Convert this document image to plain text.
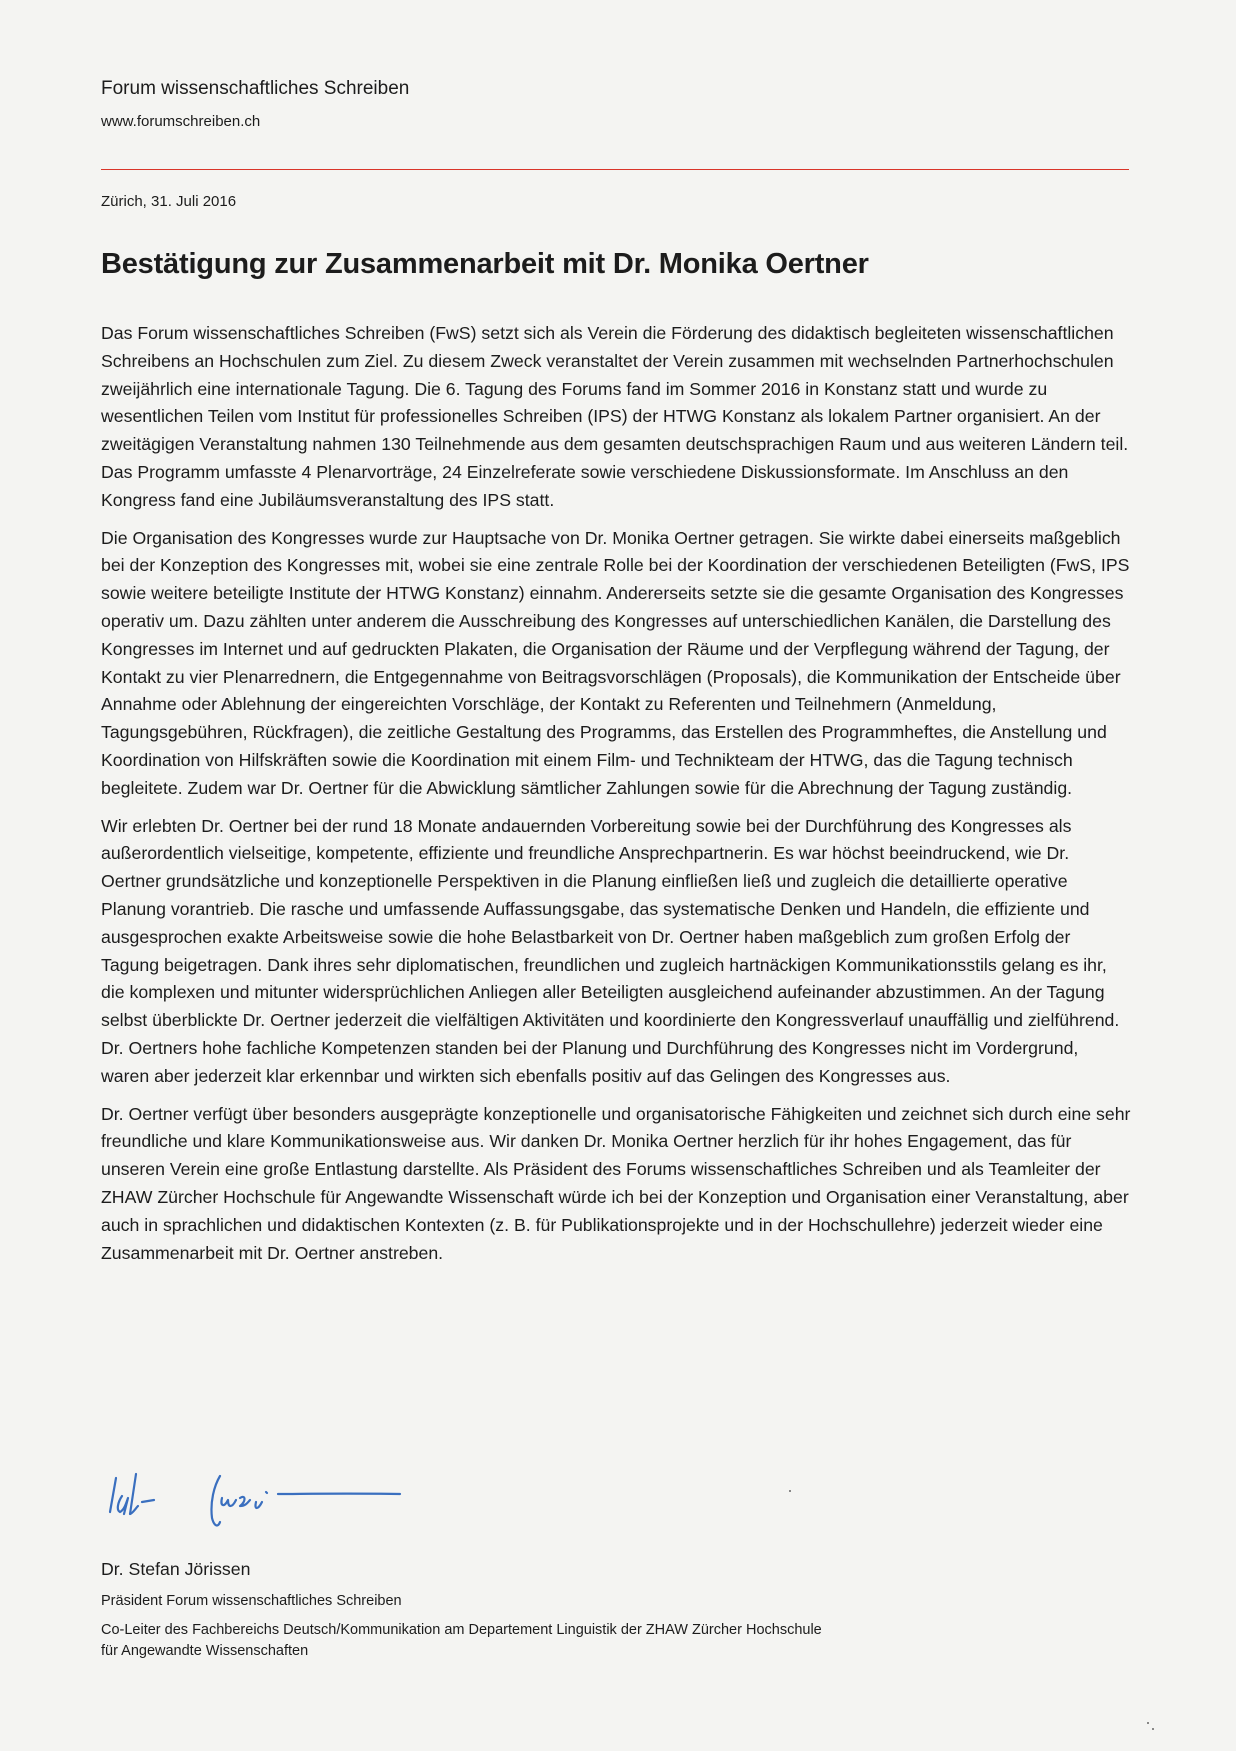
Forum wissenschaftliches Schreiben
www.forumschreiben.ch
Zürich, 31. Juli 2016
Bestätigung zur Zusammenarbeit mit Dr. Monika Oertner

Das Forum wissenschaftliches Schreiben (FwS) setzt sich als Verein die Förderung des didaktisch begleiteten wissenschaftlichen Schreibens an Hochschulen zum Ziel. Zu diesem Zweck veranstaltet der Verein zusammen mit wechselnden Partnerhochschulen zweijährlich eine internationale Tagung. Die 6. Tagung des Forums fand im Sommer 2016 in Konstanz statt und wurde zu wesentlichen Teilen vom Institut für professionelles Schreiben (IPS) der HTWG Konstanz als lokalem Partner organisiert. An der zweitägigen Veranstaltung nahmen 130 Teilnehmende aus dem gesamten deutschsprachigen Raum und aus weiteren Ländern teil. Das Programm umfasste 4 Plenarvorträge, 24 Einzelreferate sowie verschiedene Diskussionsformate. Im Anschluss an den Kongress fand eine Jubiläumsveranstaltung des IPS statt.

Die Organisation des Kongresses wurde zur Hauptsache von Dr. Monika Oertner getragen. Sie wirkte dabei einerseits maßgeblich bei der Konzeption des Kongresses mit, wobei sie eine zentrale Rolle bei der Koordination der verschiedenen Beteiligten (FwS, IPS sowie weitere beteiligte Institute der HTWG Konstanz) einnahm. Andererseits setzte sie die gesamte Organisation des Kongresses operativ um. Dazu zählten unter anderem die Ausschreibung des Kongresses auf unterschiedlichen Kanälen, die Darstellung des Kongresses im Internet und auf gedruckten Plakaten, die Organisation der Räume und der Verpflegung während der Tagung, der Kontakt zu vier Plenarrednern, die Entgegennahme von Beitragsvorschlägen (Proposals), die Kommunikation der Entscheide über Annahme oder Ablehnung der eingereichten Vorschläge, der Kontakt zu Referenten und Teilnehmern (Anmeldung, Tagungsgebühren, Rückfragen), die zeitliche Gestaltung des Programms, das Erstellen des Programmheftes, die Anstellung und Koordination von Hilfskräften sowie die Koordination mit einem Film- und Technikteam der HTWG, das die Tagung technisch begleitete. Zudem war Dr. Oertner für die Abwicklung sämtlicher Zahlungen sowie für die Abrechnung der Tagung zuständig.

Wir erlebten Dr. Oertner bei der rund 18 Monate andauernden Vorbereitung sowie bei der Durchführung des Kongresses als außerordentlich vielseitige, kompetente, effiziente und freundliche Ansprechpartnerin. Es war höchst beeindruckend, wie Dr. Oertner grundsätzliche und konzeptionelle Perspektiven in die Planung einfließen ließ und zugleich die detaillierte operative Planung vorantrieb. Die rasche und umfassende Auffassungsgabe, das systematische Denken und Handeln, die effiziente und ausgesprochen exakte Arbeitsweise sowie die hohe Belastbarkeit von Dr. Oertner haben maßgeblich zum großen Erfolg der Tagung beigetragen. Dank ihres sehr diplomatischen, freundlichen und zugleich hartnäckigen Kommunikationsstils gelang es ihr, die komplexen und mitunter widersprüchlichen Anliegen aller Beteiligten ausgleichend aufeinander abzustimmen. An der Tagung selbst überblickte Dr. Oertner jederzeit die vielfältigen Aktivitäten und koordinierte den Kongressverlauf unauffällig und zielführend. Dr. Oertners hohe fachliche Kompetenzen standen bei der Planung und Durchführung des Kongresses nicht im Vordergrund, waren aber jederzeit klar erkennbar und wirkten sich ebenfalls positiv auf das Gelingen des Kongresses aus.

Dr. Oertner verfügt über besonders ausgeprägte konzeptionelle und organisatorische Fähigkeiten und zeichnet sich durch eine sehr freundliche und klare Kommunikationsweise aus. Wir danken Dr. Monika Oertner herzlich für ihr hohes Engagement, das für unseren Verein eine große Entlastung darstellte. Als Präsident des Forums wissenschaftliches Schreiben und als Teamleiter der ZHAW Zürcher Hochschule für Angewandte Wissenschaft würde ich bei der Konzeption und Organisation einer Veranstaltung, aber auch in sprachlichen und didaktischen Kontexten (z. B. für Publikationsprojekte und in der Hochschullehre) jederzeit wieder eine Zusammenarbeit mit Dr. Oertner anstreben.

Dr. Stefan Jörissen
Präsident Forum wissenschaftliches Schreiben
Co-Leiter des Fachbereichs Deutsch/Kommunikation am Departement Linguistik der ZHAW Zürcher Hochschule
für Angewandte Wissenschaften
